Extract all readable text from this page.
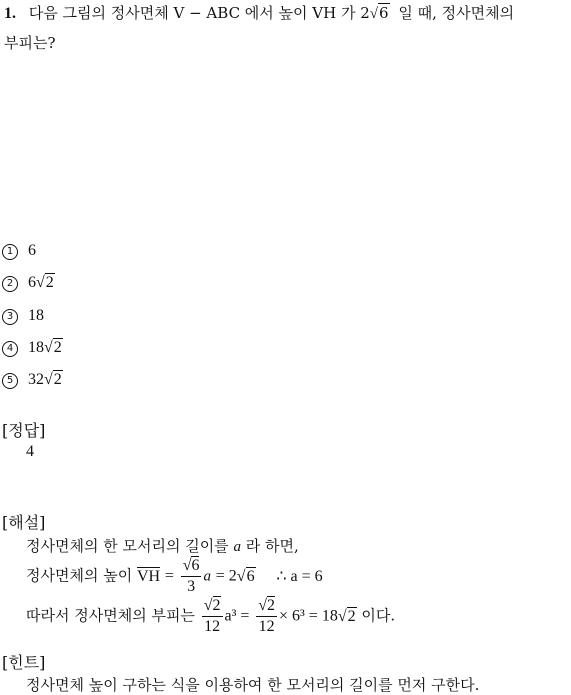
1. 다음 그림의 정사면체 V − ABC 에서 높이 VH 가 2√6 일 때, 정사면체의
부피는?
1 6
2 6√2
3 18
4 18√2
5 32√2
[정답]
4
[해설]
정사면체의 한 모서리의 길이를 a 라 하면,
정사면체의 높이 VH = $\frac{√6}{3}$ a = 2√6 ∴ a = 6
따라서 정사면체의 부피는 $\frac{√2}{12} a^3 = \frac{√2}{12} \times 6^3 = 18√2$ 이다.
[힌트]
정사면체 높이 구하는 식을 이용하여 한 모서리의 길이를 먼저 구한다.
